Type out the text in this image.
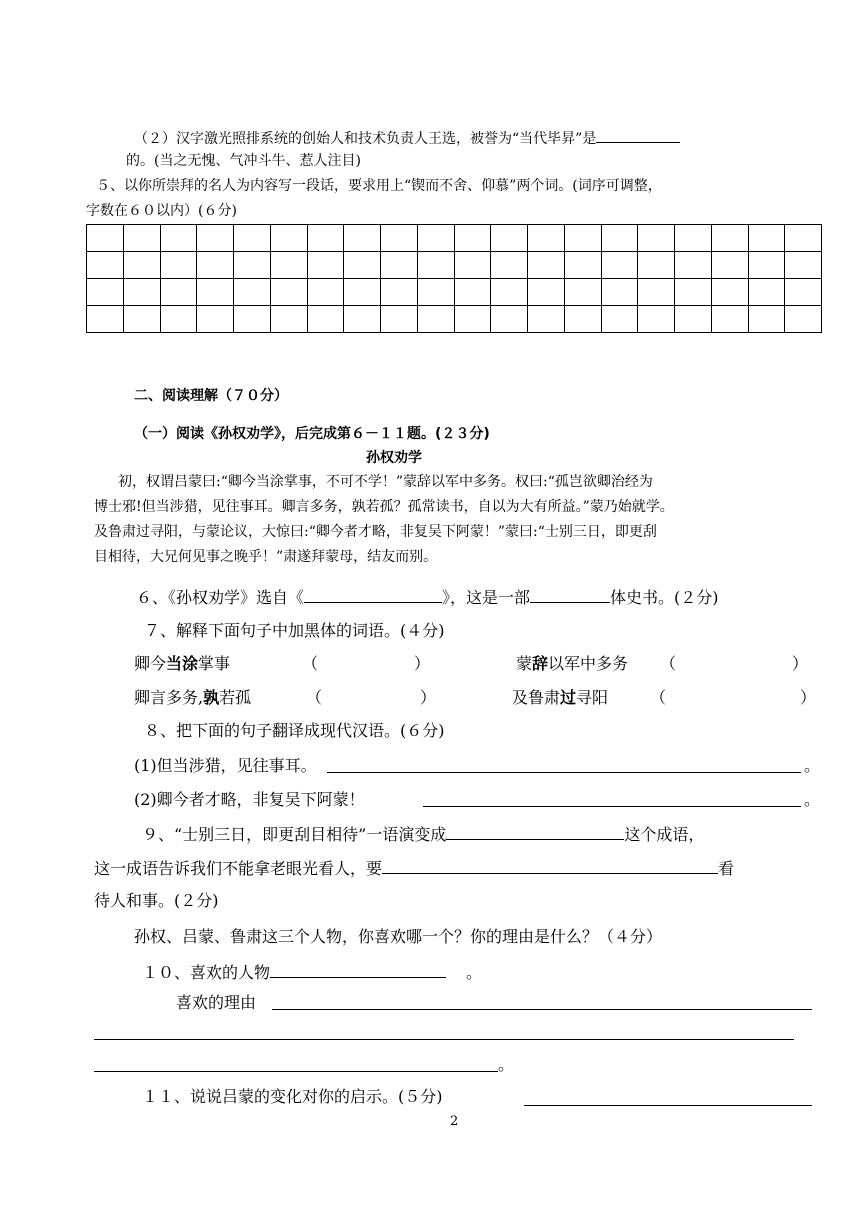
（２）汉字激光照排系统的创始人和技术负责人王选，被誉为“当代毕昇”是
的。(当之无愧、气冲斗牛、惹人注目)
５、以你所崇拜的名人为内容写一段话，要求用上“锲而不舍、仰慕”两个词。(词序可调整，
字数在６０以内）(６分)

二、阅读理解（７０分）
（一）阅读《孙权劝学》，后完成第６－１１题。(２３分)
孙权劝学
初，权谓吕蒙曰:“卿今当涂掌事，不可不学！”蒙辞以军中多务。权曰:“孤岂欲卿治经为
博士邪!但当涉猎，见往事耳。卿言多务，孰若孤？孤常读书，自以为大有所益。”蒙乃始就学。
及鲁肃过寻阳，与蒙论议，大惊曰:“卿今者才略，非复吴下阿蒙！”蒙曰:“士别三日，即更刮
目相待，大兄何见事之晚乎！”肃遂拜蒙母，结友而别。
６、《孙权劝学》选自《	》，这是一部	体史书。(２分)
７、解释下面句子中加黑体的词语。(４分)
卿今当涂掌事	（	）	蒙辞以军中多务 （	）
卿言多务,孰若孤	（	）	及鲁肃过寻阳	（	）
８、把下面的句子翻译成现代汉语。(６分)
(1)但当涉猎，见往事耳。	。
(2)卿今者才略，非复吴下阿蒙！	。
９、“士别三日，即更刮目相待”一语演变成	这个成语，
这一成语告诉我们不能拿老眼光看人，要	看
待人和事。(２分)
孙权、吕蒙、鲁肃这三个人物，你喜欢哪一个？你的理由是什么？（４分）
１０、喜欢的人物	。
喜欢的理由
。
１１、说说吕蒙的变化对你的启示。(５分)
2
